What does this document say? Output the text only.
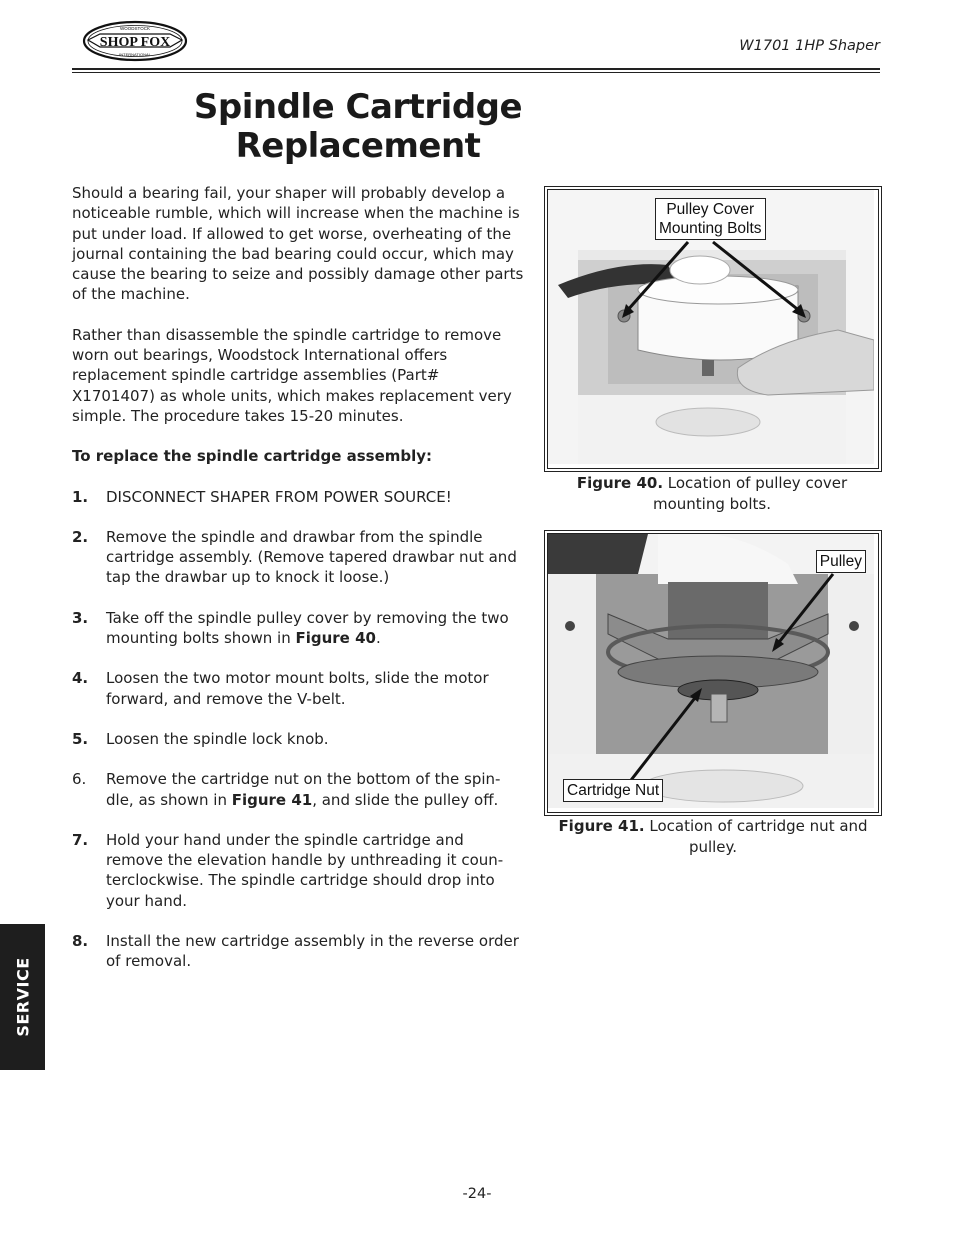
SHOP FOX
WOODSTOCK
INTERNATIONAL
W1701 1HP Shaper
Spindle Cartridge
Replacement

Should a bearing fail, your shaper will probably develop a noticeable rumble, which will increase when the machine is put under load. If allowed to get worse, overheating of the journal containing the bad bearing could occur, which may cause the bearing to seize and possibly damage other parts of the machine.

Rather than disassemble the spindle cartridge to remove worn out bearings, Woodstock International offers replacement spindle cartridge assemblies (Part# X1701407) as whole units, which makes replacement very simple. The procedure takes 15-20 minutes.

To replace the spindle cartridge assembly:

1.	DISCONNECT SHAPER FROM POWER SOURCE!
2.	Remove the spindle and drawbar from the spindle cartridge assembly. (Remove tapered drawbar nut and tap the drawbar up to knock it loose.)
3.	Take off the spindle pulley cover by removing the two mounting bolts shown in Figure 40.
4.	Loosen the two motor mount bolts, slide the motor forward, and remove the V-belt.
5.	Loosen the spindle lock knob.
6.	Remove the cartridge nut on the bottom of the spin-dle, as shown in Figure 41, and slide the pulley off.
7.	Hold your hand under the spindle cartridge and remove the elevation handle by unthreading it coun-terclockwise. The spindle cartridge should drop into your hand.
8.	Install the new cartridge assembly in the reverse order of removal.
Pulley Cover
Mounting Bolts
Figure 40. Location of pulley cover mounting bolts.
Pulley
Cartridge Nut
Figure 41. Location of cartridge nut and pulley.
SERVICE
-24-
